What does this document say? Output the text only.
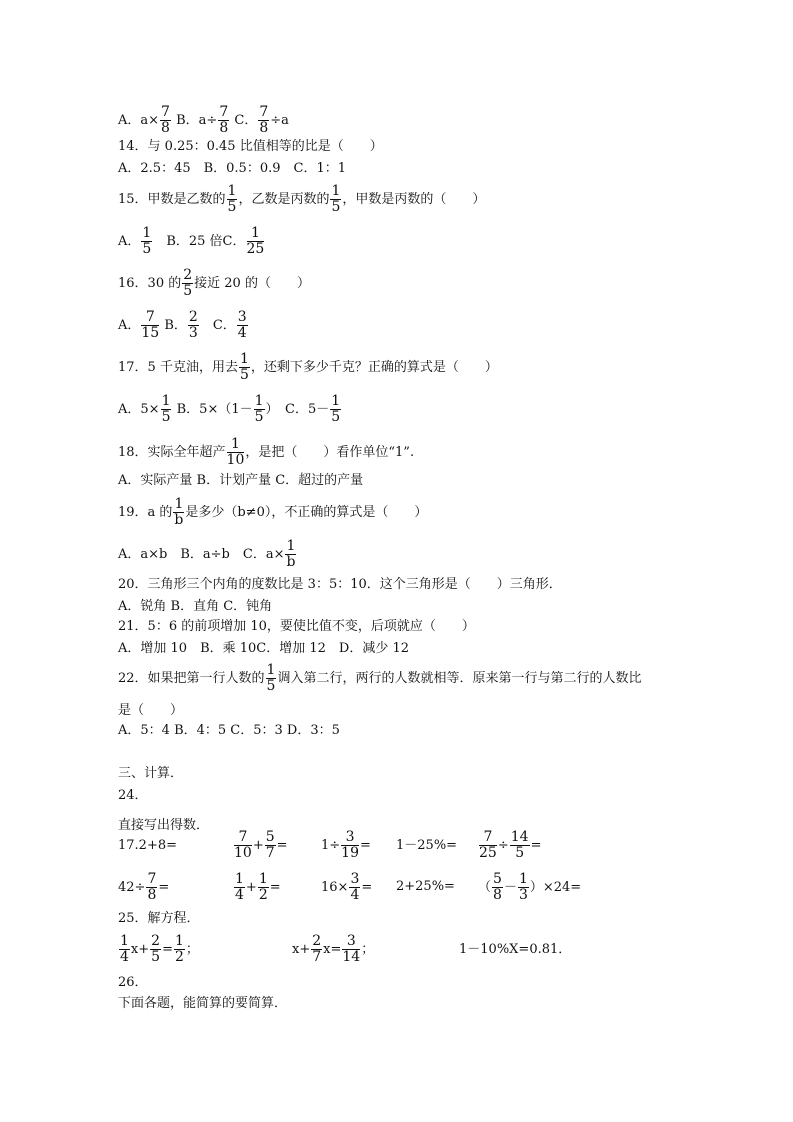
A．$a\times \frac{7}{8}$ B．$a\div \frac{7}{8}$ C． $\frac{7}{8} \div a$
14．与 0.25：0.45 比值相等的比是（　　）
A．2.5：45　B．0.5：0.9　C．1：1
15．甲数是乙数的 $\frac{1}{5}$ ，乙数是丙数的 $\frac{1}{5}$ ，甲数是丙数的（　　）
A． $\frac{1}{5}$ 　B．25 倍C． $\frac{1}{25}$
16．30 的 $\frac{2}{5}$ 接近 20 的（　　）
A． $\frac{7}{15}$ B． $\frac{2}{3}$ 　C． $\frac{3}{4}$
17．5 千克油，用去 $\frac{1}{5}$ ，还剩下多少千克？正确的算式是（　　）
A．$5\times \frac{1}{5}$ B．$5\times(1- \frac{1}{5}$ ）　C．$5- \frac{1}{5}$
18．实际全年超产 $\frac{1}{10}$ ，是把（　　）看作单位“1”.
A．实际产量 B．计划产量 C．超过的产量
19．a 的 $\frac{1}{b}$ 是多少（b≠0），不正确的算式是（　　）
A．a×b　B．a÷b　C．$a\times \frac{1}{b}$
20．三角形三个内角的度数比是 3：5：10．这个三角形是（　　）三角形．
A．锐角 B．直角 C．钝角
21．5：6 的前项增加 10，要使比值不变，后项就应（　　）
A．增加 10　B．乘 10C．增加 12　D．减少 12
22．如果把第一行人数的 $\frac{1}{5}$ 调入第二行，两行的人数就相等．原来第一行与第二行的人数比
是（　　）
A．5：4 B．4：5 C．5：3 D．3：5
三、计算．
24．
直接写出得数．
17.2+8=	$\frac{7}{10} + \frac{5}{7}$ =	$1\div \frac{3}{19} = 1-25\%= \frac{7}{25} \div \frac{14}{5}$ =
$42\div \frac{7}{8}$ =	$\frac{1}{4} + \frac{1}{2}$ =	$16\times \frac{3}{4} = 2+25\%=$ （ $\frac{5}{8} - \frac{1}{3} )\times 24=$
25．解方程．
$\frac{1}{4} x+ \frac{2}{5} = \frac{1}{2}$ ；	$x+ \frac{2}{7} x= \frac{3}{14}$ ；	1－10%X=0.81．
26．
下面各题，能简算的要简算．
